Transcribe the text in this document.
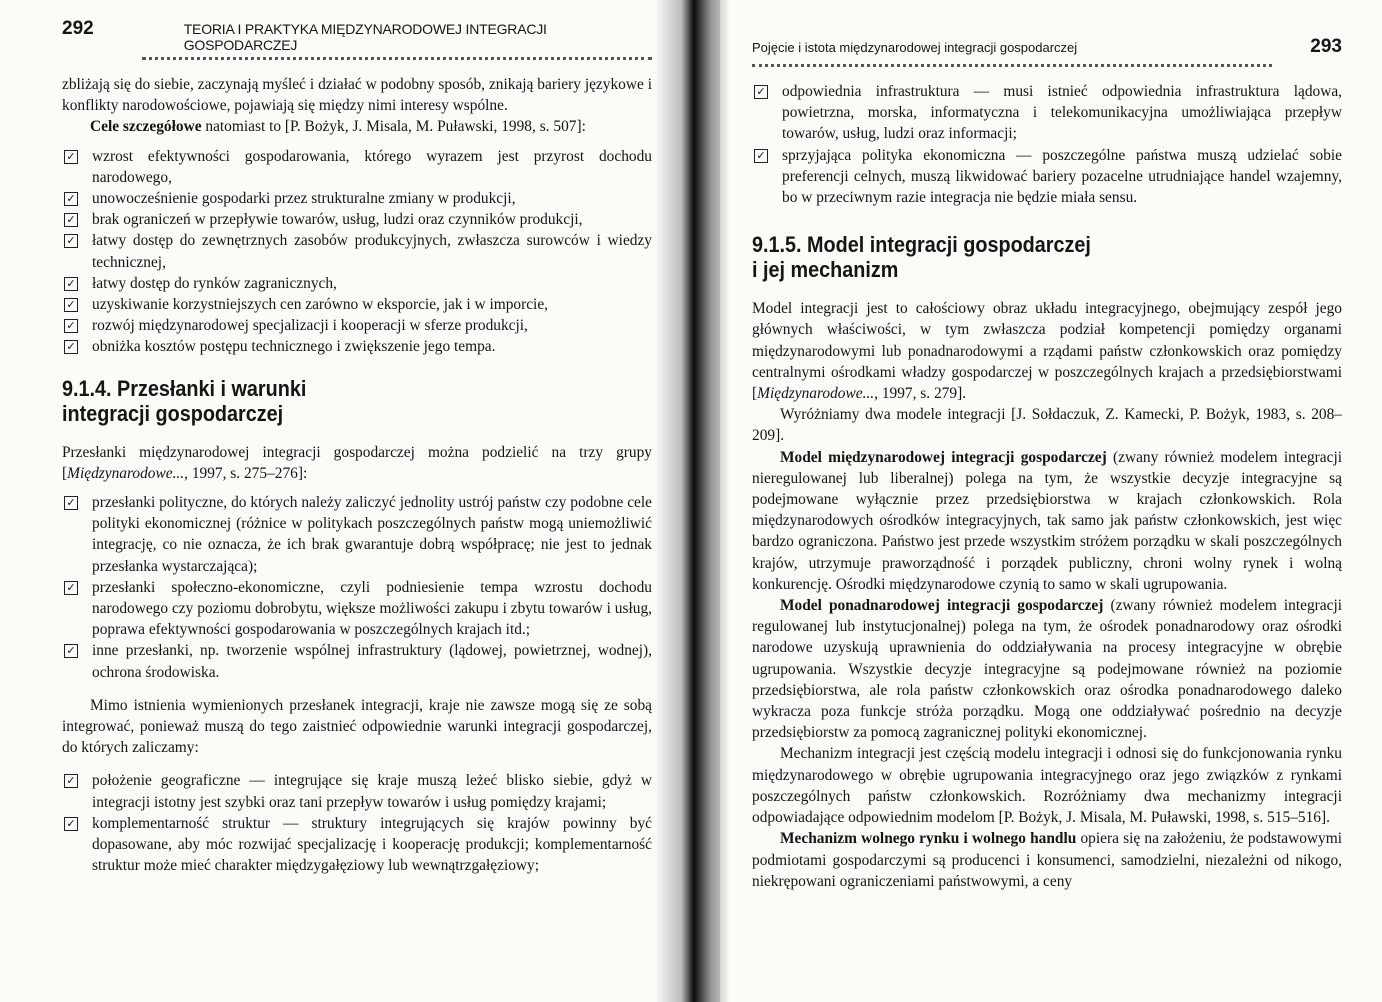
292	TEORIA I PRAKTYKA MIĘDZYNARODOWEJ INTEGRACJI GOSPODARCZEJ

zbliżają się do siebie, zaczynają myśleć i działać w podobny sposób, znikają bariery językowe i konflikty narodowościowe, pojawiają się między nimi interesy wspólne.

Cele szczegółowe natomiast to [P. Bożyk, J. Misala, M. Puławski, 1998, s. 507]:

✓ wzrost efektywności gospodarowania, którego wyrazem jest przyrost dochodu narodowego,
✓ unowocześnienie gospodarki przez strukturalne zmiany w produkcji,
✓ brak ograniczeń w przepływie towarów, usług, ludzi oraz czynników produkcji,
✓ łatwy dostęp do zewnętrznych zasobów produkcyjnych, zwłaszcza surowców i wiedzy technicznej,
✓ łatwy dostęp do rynków zagranicznych,
✓ uzyskiwanie korzystniejszych cen zarówno w eksporcie, jak i w imporcie,
✓ rozwój międzynarodowej specjalizacji i kooperacji w sferze produkcji,
✓ obniżka kosztów postępu technicznego i zwiększenie jego tempa.
9.1.4. Przesłanki i warunki
integracji gospodarczej

Przesłanki międzynarodowej integracji gospodarczej można podzielić na trzy grupy [Międzynarodowe..., 1997, s. 275–276]:

✓ przesłanki polityczne, do których należy zaliczyć jednolity ustrój państw czy podobne cele polityki ekonomicznej (różnice w politykach poszczególnych państw mogą uniemożliwić integrację, co nie oznacza, że ich brak gwarantuje dobrą współpracę; nie jest to jednak przesłanka wystarczająca);
✓ przesłanki społeczno-ekonomiczne, czyli podniesienie tempa wzrostu dochodu narodowego czy poziomu dobrobytu, większe możliwości zakupu i zbytu towarów i usług, poprawa efektywności gospodarowania w poszczególnych krajach itd.;
✓ inne przesłanki, np. tworzenie wspólnej infrastruktury (lądowej, powietrznej, wodnej), ochrona środowiska.

Mimo istnienia wymienionych przesłanek integracji, kraje nie zawsze mogą się ze sobą integrować, ponieważ muszą do tego zaistnieć odpowiednie warunki integracji gospodarczej, do których zaliczamy:

✓ położenie geograficzne — integrujące się kraje muszą leżeć blisko siebie, gdyż w integracji istotny jest szybki oraz tani przepływ towarów i usług pomiędzy krajami;
✓ komplementarność struktur — struktury integrujących się krajów powinny być dopasowane, aby móc rozwijać specjalizację i kooperację produkcji; komplementarność struktur może mieć charakter międzygałęziowy lub wewnątrzgałęziowy;
Pojęcie i istota międzynarodowej integracji gospodarczej	293
✓ odpowiednia infrastruktura — musi istnieć odpowiednia infrastruktura lądowa, powietrzna, morska, informatyczna i telekomunikacyjna umożliwiająca przepływ towarów, usług, ludzi oraz informacji;
✓ sprzyjająca polityka ekonomiczna — poszczególne państwa muszą udzielać sobie preferencji celnych, muszą likwidować bariery pozacelne utrudniające handel wzajemny, bo w przeciwnym razie integracja nie będzie miała sensu.
9.1.5. Model integracji gospodarczej
i jej mechanizm

Model integracji jest to całościowy obraz układu integracyjnego, obejmujący zespół jego głównych właściwości, w tym zwłaszcza podział kompetencji pomiędzy organami międzynarodowymi lub ponadnarodowymi a rządami państw członkowskich oraz pomiędzy centralnymi ośrodkami władzy gospodarczej w poszczególnych krajach a przedsiębiorstwami [Międzynarodowe..., 1997, s. 279].

Wyróżniamy dwa modele integracji [J. Sołdaczuk, Z. Kamecki, P. Bożyk, 1983, s. 208–209].

Model międzynarodowej integracji gospodarczej (zwany również modelem integracji nieregulowanej lub liberalnej) polega na tym, że wszystkie decyzje integracyjne są podejmowane wyłącznie przez przedsiębiorstwa w krajach członkowskich. Rola międzynarodowych ośrodków integracyjnych, tak samo jak państw członkowskich, jest więc bardzo ograniczona. Państwo jest przede wszystkim stróżem porządku w skali poszczególnych krajów, utrzymuje praworządność i porządek publiczny, chroni wolny rynek i wolną konkurencję. Ośrodki międzynarodowe czynią to samo w skali ugrupowania.

Model ponadnarodowej integracji gospodarczej (zwany również modelem integracji regulowanej lub instytucjonalnej) polega na tym, że ośrodek ponadnarodowy oraz ośrodki narodowe uzyskują uprawnienia do oddziaływania na procesy integracyjne w obrębie ugrupowania. Wszystkie decyzje integracyjne są podejmowane również na poziomie przedsiębiorstwa, ale rola państw członkowskich oraz ośrodka ponadnarodowego daleko wykracza poza funkcje stróża porządku. Mogą one oddziaływać pośrednio na decyzje przedsiębiorstw za pomocą zagranicznej polityki ekonomicznej.

Mechanizm integracji jest częścią modelu integracji i odnosi się do funkcjonowania rynku międzynarodowego w obrębie ugrupowania integracyjnego oraz jego związków z rynkami poszczególnych państw członkowskich. Rozróżniamy dwa mechanizmy integracji odpowiadające odpowiednim modelom [P. Bożyk, J. Misala, M. Puławski, 1998, s. 515–516].

Mechanizm wolnego rynku i wolnego handlu opiera się na założeniu, że podstawowymi podmiotami gospodarczymi są producenci i konsumenci, samodzielni, niezależni od nikogo, niekrępowani ograniczeniami państwowymi, a ceny
